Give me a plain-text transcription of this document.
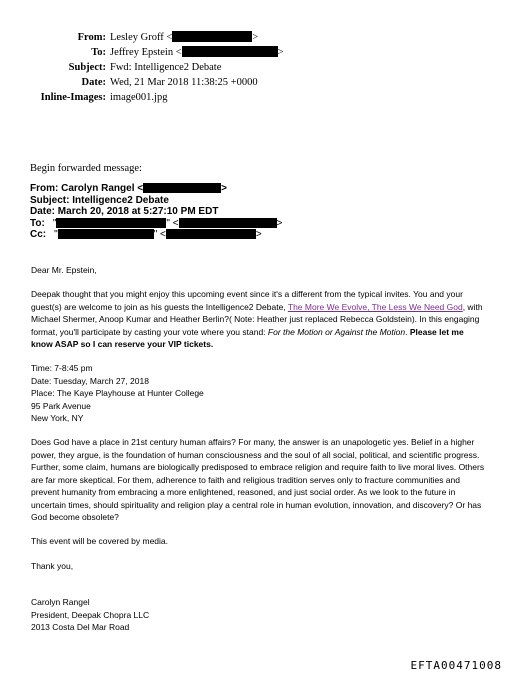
From: Lesley Groff <	>
To: Jeffrey Epstein <	>
Subject: Fwd: Intelligence2 Debate
Date: Wed, 21 Mar 2018 11:38:25 +0000
Inline-Images: image001.jpg
Begin forwarded message:
From: Carolyn Rangel <	>
Subject: Intelligence2 Debate
Date: March 20, 2018 at 5:27:10 PM EDT
To: "	" <	>
Cc: "	" <	>

Dear Mr. Epstein,

Deepak thought that you might enjoy this upcoming event since it's a different from the typical invites. You and your guest(s) are welcome to join as his guests the Intelligence2 Debate, The More We Evolve, The Less We Need God, with Michael Shermer, Anoop Kumar and Heather Berlin?( Note: Heather just replaced Rebecca Goldstein). In this engaging format, you'll participate by casting your vote where you stand: For the Motion or Against the Motion. Please let me know ASAP so I can reserve your VIP tickets.

Time: 7-8:45 pm

Date: Tuesday, March 27, 2018

Place: The Kaye Playhouse at Hunter College

95 Park Avenue

New York, NY

Does God have a place in 21st century human affairs? For many, the answer is an unapologetic yes. Belief in a higher power, they argue, is the foundation of human consciousness and the soul of all social, political, and scientific progress. Further, some claim, humans are biologically predisposed to embrace religion and require faith to live moral lives. Others are far more skeptical. For them, adherence to faith and religious tradition serves only to fracture communities and prevent humanity from embracing a more enlightened, reasoned, and just social order. As we look to the future in uncertain times, should spirituality and religion play a central role in human evolution, innovation, and discovery? Or has God become obsolete?

This event will be covered by media.

Thank you,

Carolyn Rangel

President, Deepak Chopra LLC

2013 Costa Del Mar Road

EFTA00471008
